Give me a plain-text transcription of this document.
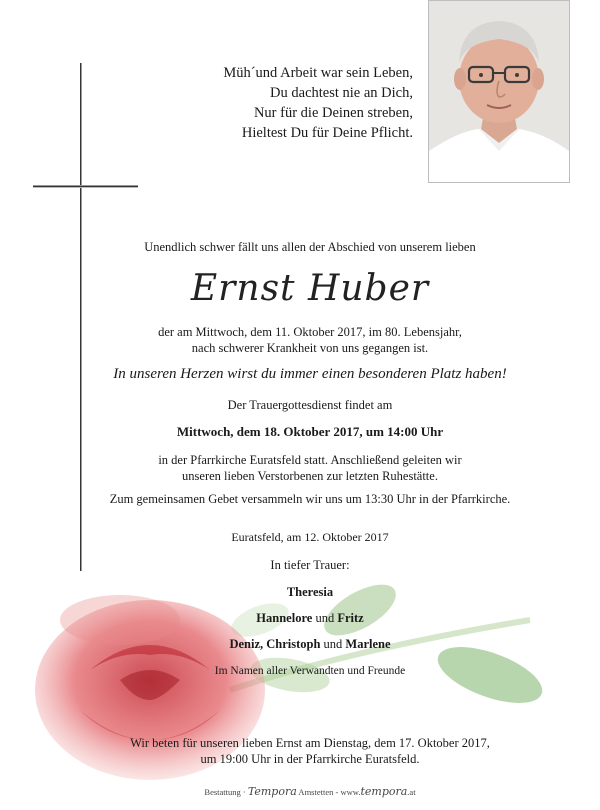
Müh´und Arbeit war sein Leben,
Du dachtest nie an Dich,
Nur für die Deinen streben,
Hieltest Du für Deine Pflicht.
Unendlich schwer fällt uns allen der Abschied von unserem lieben
Ernst Huber
der am Mittwoch, dem 11. Oktober 2017, im 80. Lebensjahr,
nach schwerer Krankheit von uns gegangen ist.
In unseren Herzen wirst du immer einen besonderen Platz haben!
Der Trauergottesdienst findet am
Mittwoch, dem 18. Oktober 2017, um 14:00 Uhr
in der Pfarrkirche Euratsfeld statt. Anschließend geleiten wir
unseren lieben Verstorbenen zur letzten Ruhestätte.
Zum gemeinsamen Gebet versammeln wir uns um 13:30 Uhr in der Pfarrkirche.
Euratsfeld, am 12. Oktober 2017
In tiefer Trauer:
Theresia
Hannelore und Fritz
Deniz, Christoph und Marlene
Im Namen aller Verwandten und Freunde
Wir beten für unseren lieben Ernst am Dienstag, dem 17. Oktober 2017,
um 19:00 Uhr in der Pfarrkirche Euratsfeld.
Bestattung · Tempora Amstetten - www.tempora.at
